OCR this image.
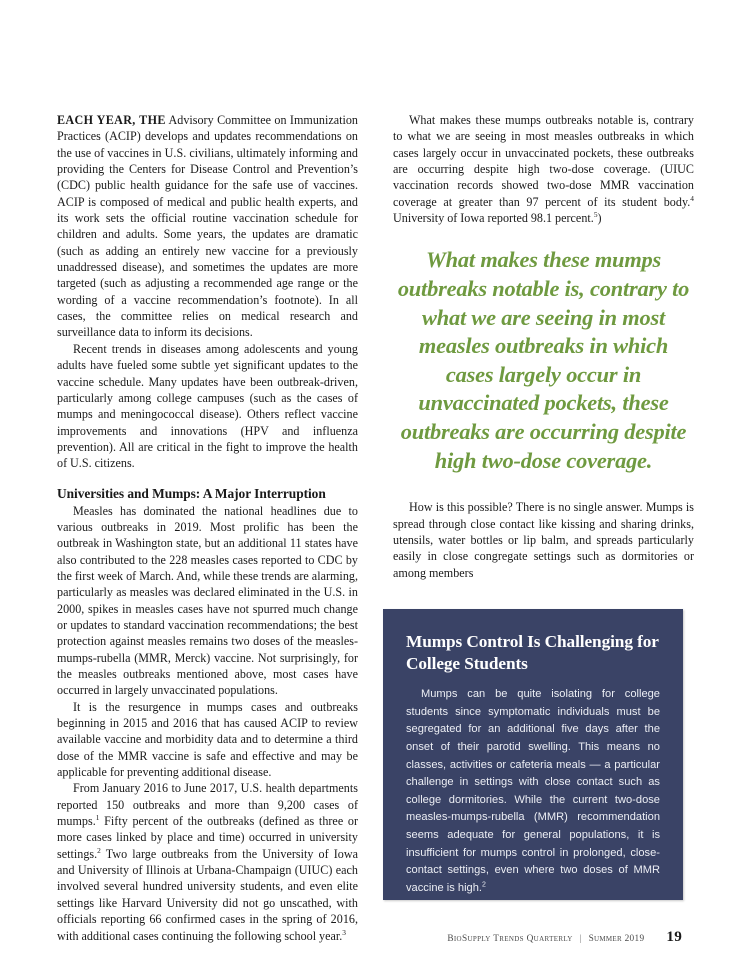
EACH YEAR, THE Advisory Committee on Immunization Practices (ACIP) develops and updates recommendations on the use of vaccines in U.S. civilians, ultimately informing and providing the Centers for Disease Control and Prevention’s (CDC) public health guidance for the safe use of vaccines. ACIP is composed of medical and public health experts, and its work sets the official routine vaccination schedule for children and adults. Some years, the updates are dramatic (such as adding an entirely new vaccine for a previously unaddressed disease), and sometimes the updates are more targeted (such as adjusting a recommended age range or the wording of a vaccine recommendation’s footnote). In all cases, the committee relies on medical research and surveillance data to inform its decisions.

Recent trends in diseases among adolescents and young adults have fueled some subtle yet significant updates to the vaccine schedule. Many updates have been outbreak-driven, particularly among college campuses (such as the cases of mumps and meningococcal disease). Others reflect vaccine improvements and innovations (HPV and influenza prevention). All are critical in the fight to improve the health of U.S. citizens.

Universities and Mumps: A Major Interruption

Measles has dominated the national headlines due to various outbreaks in 2019. Most prolific has been the outbreak in Washington state, but an additional 11 states have also contributed to the 228 measles cases reported to CDC by the first week of March. And, while these trends are alarming, particularly as measles was declared eliminated in the U.S. in 2000, spikes in measles cases have not spurred much change or updates to standard vaccination recommendations; the best protection against measles remains two doses of the measles-mumps-rubella (MMR, Merck) vaccine. Not surprisingly, for the measles outbreaks mentioned above, most cases have occurred in largely unvaccinated populations.

It is the resurgence in mumps cases and outbreaks beginning in 2015 and 2016 that has caused ACIP to review available vaccine and morbidity data and to determine a third dose of the MMR vaccine is safe and effective and may be applicable for preventing additional disease.

From January 2016 to June 2017, U.S. health departments reported 150 outbreaks and more than 9,200 cases of mumps.$^1$ Fifty percent of the outbreaks (defined as three or more cases linked by place and time) occurred in university settings.$^2$ Two large outbreaks from the University of Iowa and University of Illinois at Urbana-Champaign (UIUC) each involved several hundred university students, and even elite settings like Harvard University did not go unscathed, with officials reporting 66 confirmed cases in the spring of 2016, with additional cases continuing the following school year.$^3$

What makes these mumps outbreaks notable is, contrary to what we are seeing in most measles outbreaks in which cases largely occur in unvaccinated pockets, these outbreaks are occurring despite high two-dose coverage. (UIUC vaccination records showed two-dose MMR vaccination coverage at greater than 97 percent of its student body.$^4$ University of Iowa reported 98.1 percent.$^5$)

What makes these mumps outbreaks notable is, contrary to what we are seeing in most measles outbreaks in which cases largely occur in unvaccinated pockets, these outbreaks are occurring despite high two-dose coverage.

How is this possible? There is no single answer. Mumps is spread through close contact like kissing and sharing drinks, utensils, water bottles or lip balm, and spreads particularly easily in close congregate settings such as dormitories or among members

Mumps Control Is Challenging for College Students

Mumps can be quite isolating for college students since symptomatic individuals must be segregated for an additional five days after the onset of their parotid swelling. This means no classes, activities or cafeteria meals — a particular challenge in settings with close contact such as college dormitories. While the current two-dose measles-mumps-rubella (MMR) recommendation seems adequate for general populations, it is insufficient for mumps control in prolonged, close-contact settings, even where two doses of MMR vaccine is high.$^2$

BioSupply Trends Quarterly | Summer 2019 19
